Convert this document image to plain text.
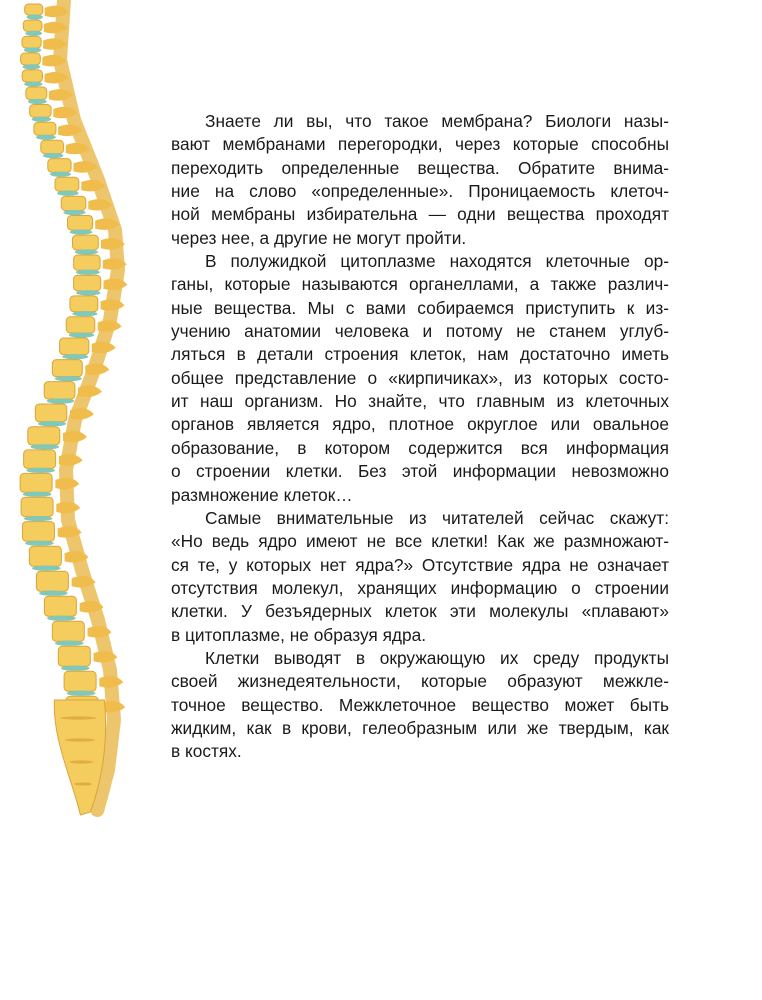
Знаете ли вы, что такое мембрана? Биологи назы-
вают мембранами перегородки, через которые способны
переходить определенные вещества. Обратите внима-
ние на слово «определенные». Проницаемость клеточ-
ной мембраны избирательна — одни вещества проходят
через нее, а другие не могут пройти.
В полужидкой цитоплазме находятся клеточные ор-
ганы, которые называются органеллами, а также различ-
ные вещества. Мы с вами собираемся приступить к из-
учению анатомии человека и потому не станем углуб-
ляться в детали строения клеток, нам достаточно иметь
общее представление о «кирпичиках», из которых состо-
ит наш организм. Но знайте, что главным из клеточных
органов является ядро, плотное округлое или овальное
образование, в котором содержится вся информация
о строении клетки. Без этой информации невозможно
размножение клеток…
Самые внимательные из читателей сейчас скажут:
«Но ведь ядро имеют не все клетки! Как же размножают-
ся те, у которых нет ядра?» Отсутствие ядра не означает
отсутствия молекул, хранящих информацию о строении
клетки. У безъядерных клеток эти молекулы «плавают»
в цитоплазме, не образуя ядра.
Клетки выводят в окружающую их среду продукты
своей жизнедеятельности, которые образуют межкле-
точное вещество. Межклеточное вещество может быть
жидким, как в крови, гелеобразным или же твердым, как
в костях.
